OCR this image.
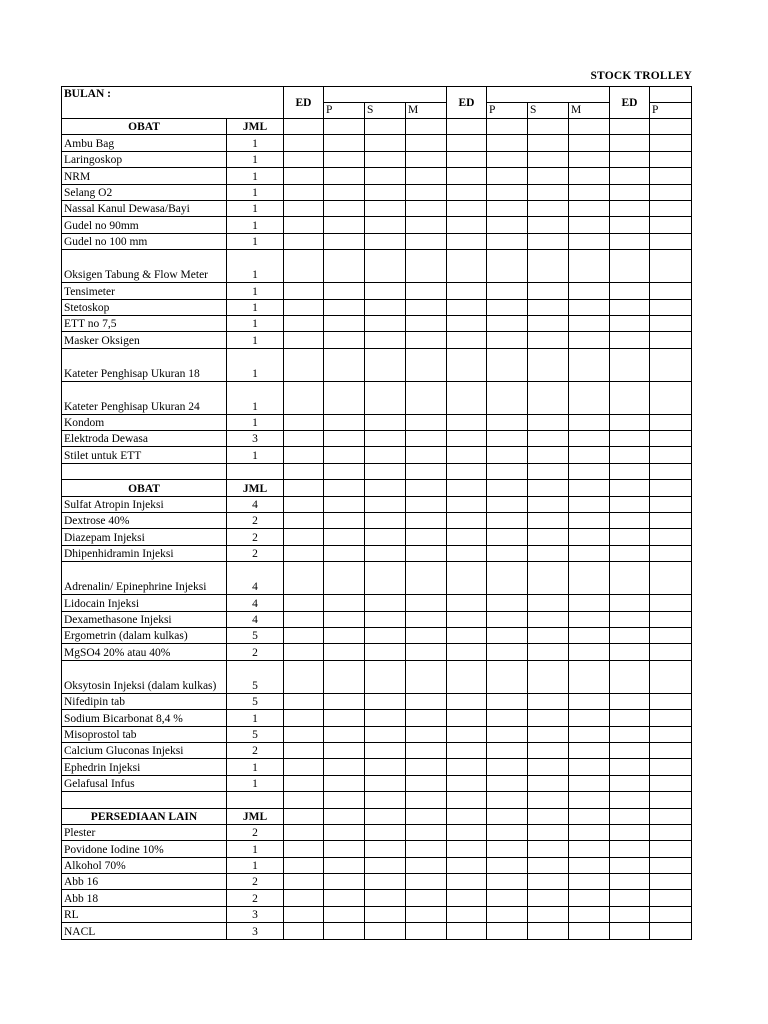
STOCK TROLLEY
BULAN :		ED				ED				ED	
			P	S	M		P	S	M		P
OBAT	JML										
Ambu Bag	1										
Laringoskop	1										
NRM	1										
Selang O2	1										
Nassal Kanul Dewasa/Bayi	1										
Gudel no 90mm	1										
Gudel no 100 mm	1										
Oksigen Tabung & Flow Meter	1										
Tensimeter	1										
Stetoskop	1										
ETT no 7,5	1										
Masker Oksigen	1										
Kateter Penghisap Ukuran 18	1										
Kateter Penghisap Ukuran 24	1										
Kondom	1										
Elektroda Dewasa	3										
Stilet untuk ETT	1										

OBAT	JML										
Sulfat Atropin Injeksi	4										
Dextrose 40%	2										
Diazepam Injeksi	2										
Dhipenhidramin Injeksi	2										
Adrenalin/ Epinephrine Injeksi	4										
Lidocain Injeksi	4										
Dexamethasone Injeksi	4										
Ergometrin (dalam kulkas)	5										
MgSO4 20% atau 40%	2										
Oksytosin Injeksi (dalam kulkas)	5										
Nifedipin tab	5										
Sodium Bicarbonat 8,4 %	1										
Misoprostol tab	5										
Calcium Gluconas Injeksi	2										
Ephedrin Injeksi	1										
Gelafusal Infus	1										

PERSEDIAAN LAIN	JML										
Plester	2										
Povidone Iodine 10%	1										
Alkohol 70%	1										
Abb 16	2										
Abb 18	2										
RL	3										
NACL	3										
